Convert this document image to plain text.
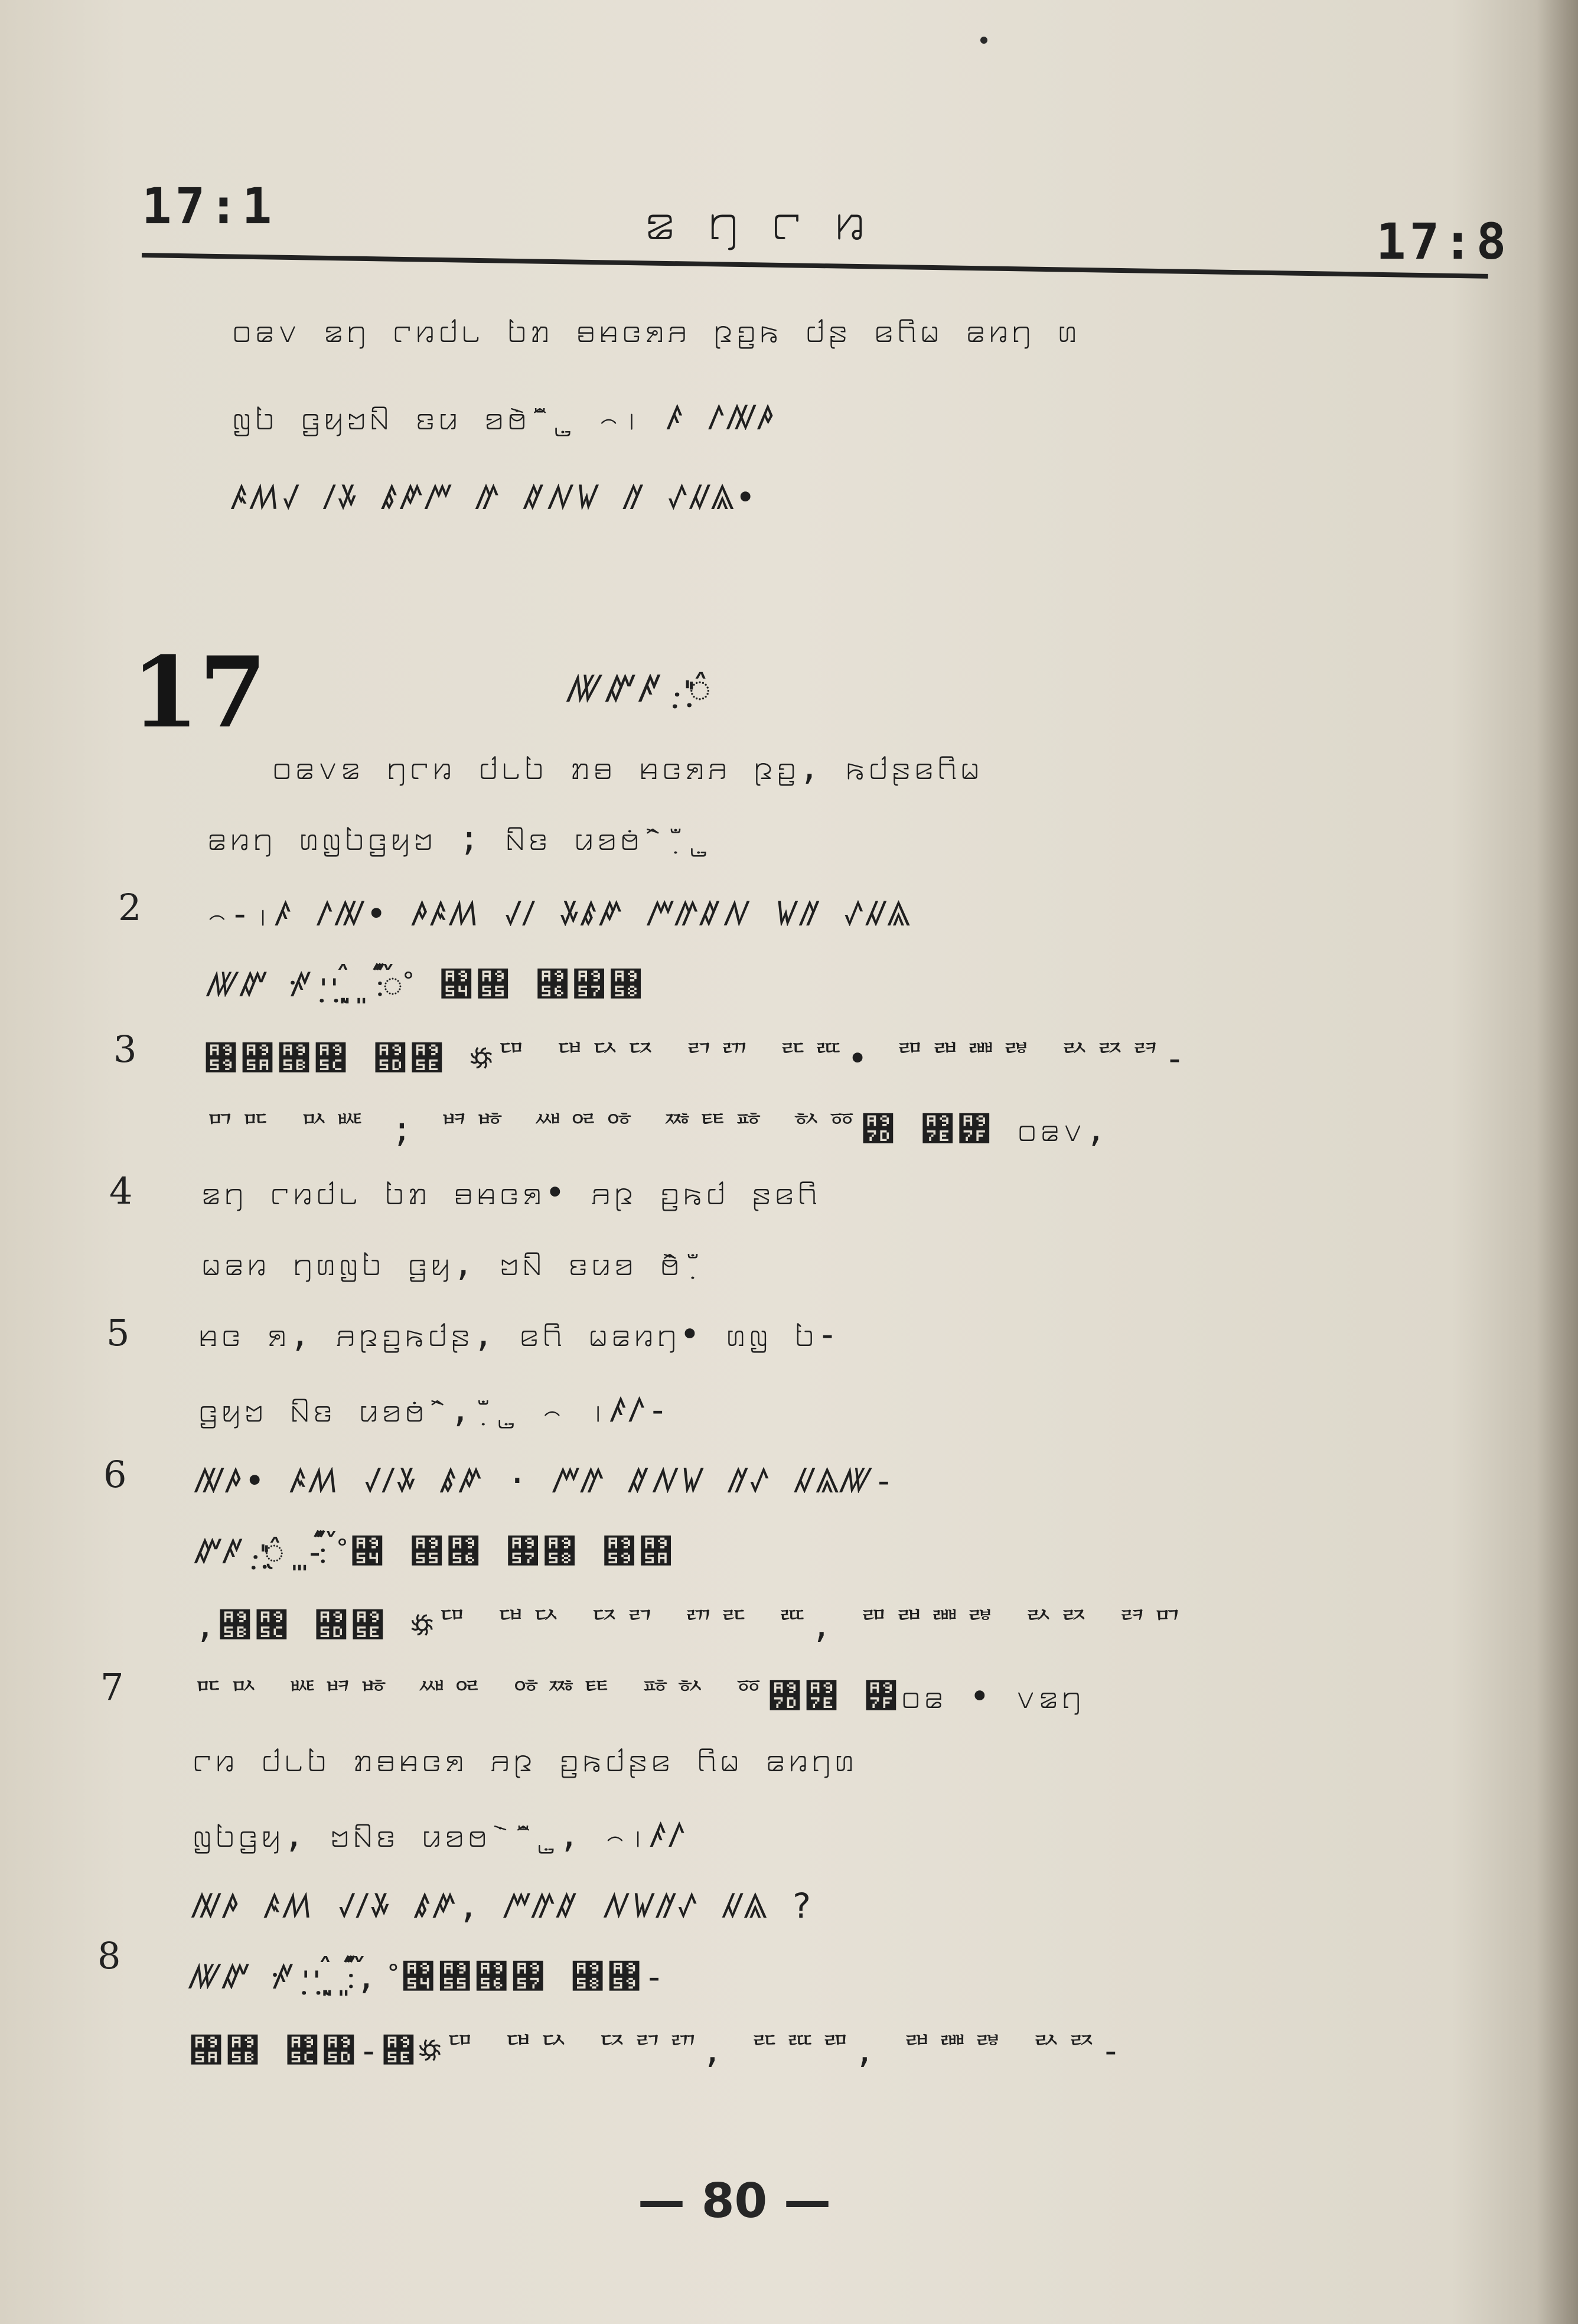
17:1	꤃꤄꤅꤆	17:8
꤀꤁꤂ ꤃꤄ ꤅꤆꤇꤈ ꤉ꤊ ꤋꤌꤍꤎꤏ ꤐꤑꤒ ꤓꤔ ꤕꤖꤗ ꤘꤙꤚ ꤛ
ꤜꤝ ꤞꤟꤠꤡ ꤢꤣ ꤤꤥꤦꤧ ꤨꤩꤪ ꤫꤬꤭ ꤮꤯ ꤰ ꤱꤲꤳ
ꤴꤵꤶ ꤷꤸ ꤹꤺꤻ ꤼ ꤽꤾꤿ ꥀ ꥁꥂꥃ•
17	ꥄꥅꥆ ꥇꥈ ꥉꥊꥋ
꤀꤁꤂꤃ ꤄꤅꤆ ꤇꤈꤉ ꤊꤋ ꤌꤍꤎꤏ ꤐꤑ, ꤒꤓꤔꤕꤖꤗ
ꤘꤙꤚ ꤛꤜꤝꤞꤟꤠ ; ꤡꤢ ꤣꤤꤥꤦ ꤧꤨ ꤩꤪ꤫ ꤬꤭
꤮-꤯ꤰ ꤱꤲ• ꤳꤴꤵ ꤶꤷ ꤸꤹꤺ ꤻꤼꤽꤾ ꤿꥀ ꥁꥂꥃ
ꥄꥅ ꥆꥇ ꥈꥉ ꥊꥋ ꥌꥍ ꥎ ꥏꥐ ꥑꥒ꥓ ꥔꥕ ꥖꥗꥘
꥙꥚꥛꥜ ꥝꥞ ꥟ꥠ ꥡꥢꥣ ꥤꥥ ꥦꥧ• ꥨꥩꥪꥫ ꥬꥭꥮ-
ꥯꥰ ꥱꥲ ; ꥳꥴ ꥵꥶꥷ ꥸꥹꥺ ꥻꥼ꥽ ꥾꥿ ꤀꤁꤂,
꤃꤄ ꤅꤆꤇꤈ ꤉ꤊ ꤋꤌꤍꤎ• ꤏꤐ ꤑꤒꤓ ꤔꤕꤖ
ꤗꤘꤙ ꤚꤛꤜꤝ ꤞꤟ, ꤠꤡ ꤢꤣꤤ ꤥꤦꤧꤨ ꤩꤪ꤫
ꤌꤍ ꤎ, ꤏꤐꤑꤒꤓꤔ, ꤕꤖ ꤗꤘꤙꤚ• ꤛꤜ ꤝ-
ꤞꤟꤠ ꤡꤢ ꤣꤤꤥꤦ ꤧꤨ, ꤩꤪ꤫ ꤬꤭ ꤮ ꤯ꤰꤱ-
ꤲꤳ• ꤴꤵ ꤶꤷꤸ ꤹꤺ · ꤻꤼ ꤽꤾꤿ ꥀꥁ ꥂꥃꥄ-
ꥅꥆ ꥇꥈ ꥉꥊꥋꥌ ꥍꥎ ꥏꥐ-ꥑꥒ ꥓꥔ ꥕꥖ ꥗꥘ ꥙꥚
,꥛꥜ ꥝꥞ ꥟ꥠ ꥡꥢ ꥣꥤ ꥥꥦ ꥧ, ꥨꥩꥪꥫ ꥬꥭ ꥮꥯ
ꥰꥱ ꥲꥳꥴ ꥵꥶ ꥷꥸꥹ ꥺꥻ ꥼ꥽꥾ ꥿꤀꤁ • ꤂꤃꤄
꤅꤆ ꤇꤈꤉ ꤊꤋꤌꤍꤎ ꤏꤐ ꤑꤒꤓꤔꤕ ꤖꤗ ꤘꤙꤚꤛ
ꤜꤝꤞꤟ, ꤠꤡꤢ ꤣꤤꤥ ꤦꤧ ꤨꤩꤪ ꤫꤬꤭, ꤮꤯ꤰꤱ
ꤲꤳ ꤴꤵ ꤶꤷꤸ ꤹꤺ, ꤻꤼꤽ ꤾꤿꥀꥁ ꥂꥃ ?
ꥄꥅ ꥆꥇ ꥈꥉ ꥊꥋ ꥌꥍ ꥎꥏꥐ ꥑꥒ, ꥓꥔꥕꥖꥗ ꥘꥙-
꥚꥛ ꥜꥝-꥞꥟ꥠ ꥡꥢ ꥣꥤꥥ, ꥦꥧꥨ, ꥩꥪꥫ ꥬꥭ-
2
3
4
5
6
7
8
— 80 —
